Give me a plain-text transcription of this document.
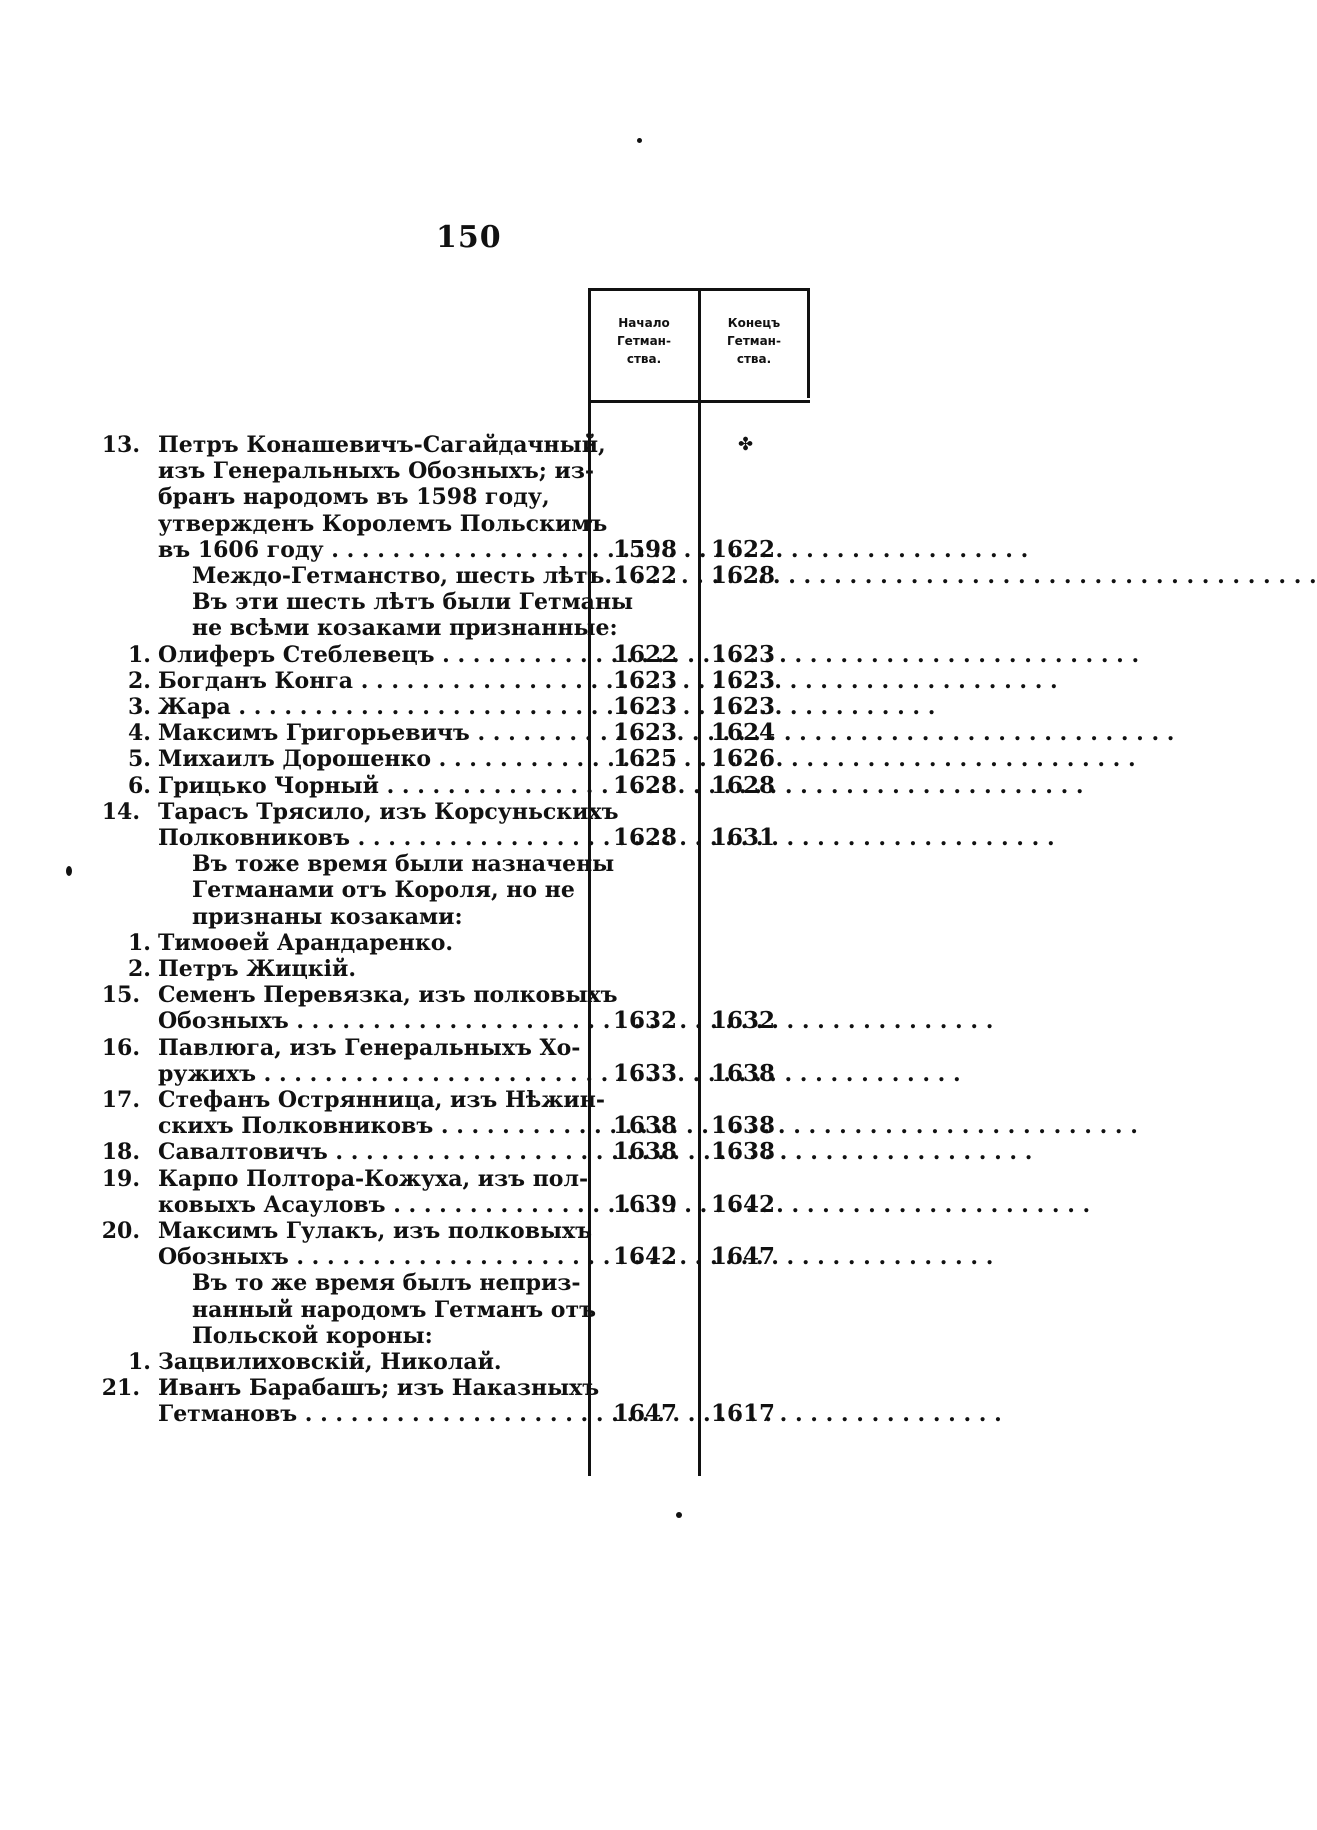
150
Начало
Гетман-
ства.
Конецъ
Гетман-
ства.
✤
13. Петръ Конашевичъ-Сагайдачный,
изъ Генеральныхъ Обозныхъ; из-
бранъ народомъ въ 1598 году,
утвержденъ Королемъ Польскимъ
въ 1606 году . . .	1598 1622
Междо-Гетманство, шесть лѣтъ. . . . 1622 1628
Въ эти шесть лѣтъ были Гетманы
не всѣми козаками признанные:
1. Олиферъ Стеблевецъ . . .	1622 1623
2. Богданъ Конга . . .	1623 1623
3. Жара . . .	1623 1623
4. Максимъ Григорьевичъ . . .	1623 1624
5. Михаилъ Дорошенко . . .	1625 1626
6. Грицько Чорный . . .	1628 1628
14. Тарасъ Трясило, изъ Корсуньскихъ
Полковниковъ . . .	1628 1631
Въ тоже время были назначены
Гетманами отъ Короля, но не
признаны козаками:
1. Тимоѳей Арандаренко.
2. Петръ Жицкій.
15. Семенъ Перевязка, изъ полковыхъ
Обозныхъ . . .	1632 1632
16. Павлюга, изъ Генеральныхъ Хо-
ружихъ . . .	1633 1638
17. Стефанъ Острянница, изъ Нѣжин-
скихъ Полковниковъ . . .	1638 1638
18. Савалтовичъ . . .	1638 1638
19. Карпо Полтора-Кожуха, изъ пол-
ковыхъ Асауловъ . . .	1639 1642
20. Максимъ Гулакъ, изъ полковыхъ
Обозныхъ . . .	1642 1647
Въ то же время былъ неприз-
нанный народомъ Гетманъ отъ
Польской короны:
1. Зацвилиховскій, Николай.
21. Иванъ Барабашъ; изъ Наказныхъ
Гетмановъ . . .	1647 1617
